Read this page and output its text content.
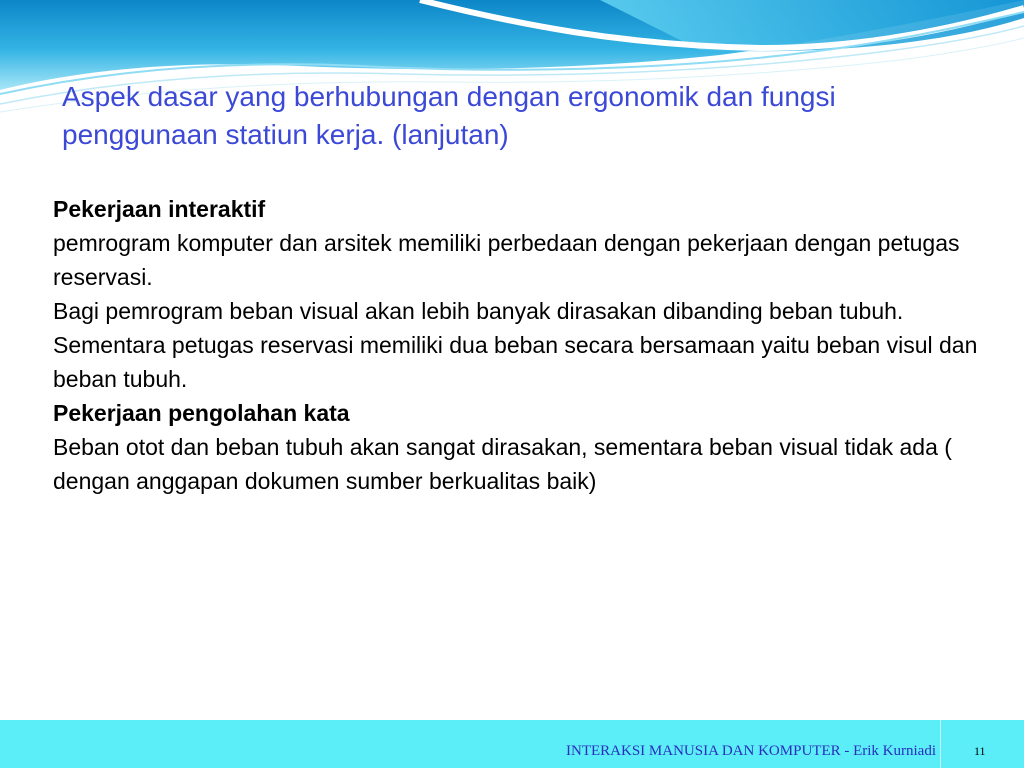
Aspek dasar yang berhubungan dengan ergonomik dan fungsi penggunaan statiun kerja. (lanjutan)

Pekerjaan interaktif

pemrogram komputer dan arsitek memiliki perbedaan dengan pekerjaan dengan petugas reservasi.

Bagi pemrogram beban visual akan lebih banyak dirasakan dibanding beban tubuh.

Sementara petugas reservasi memiliki dua beban secara bersamaan yaitu beban visul dan beban tubuh.

Pekerjaan pengolahan kata

Beban otot dan beban tubuh akan sangat dirasakan, sementara beban visual tidak ada ( dengan anggapan dokumen sumber berkualitas baik)

INTERAKSI MANUSIA DAN KOMPUTER - Erik Kurniadi	11
